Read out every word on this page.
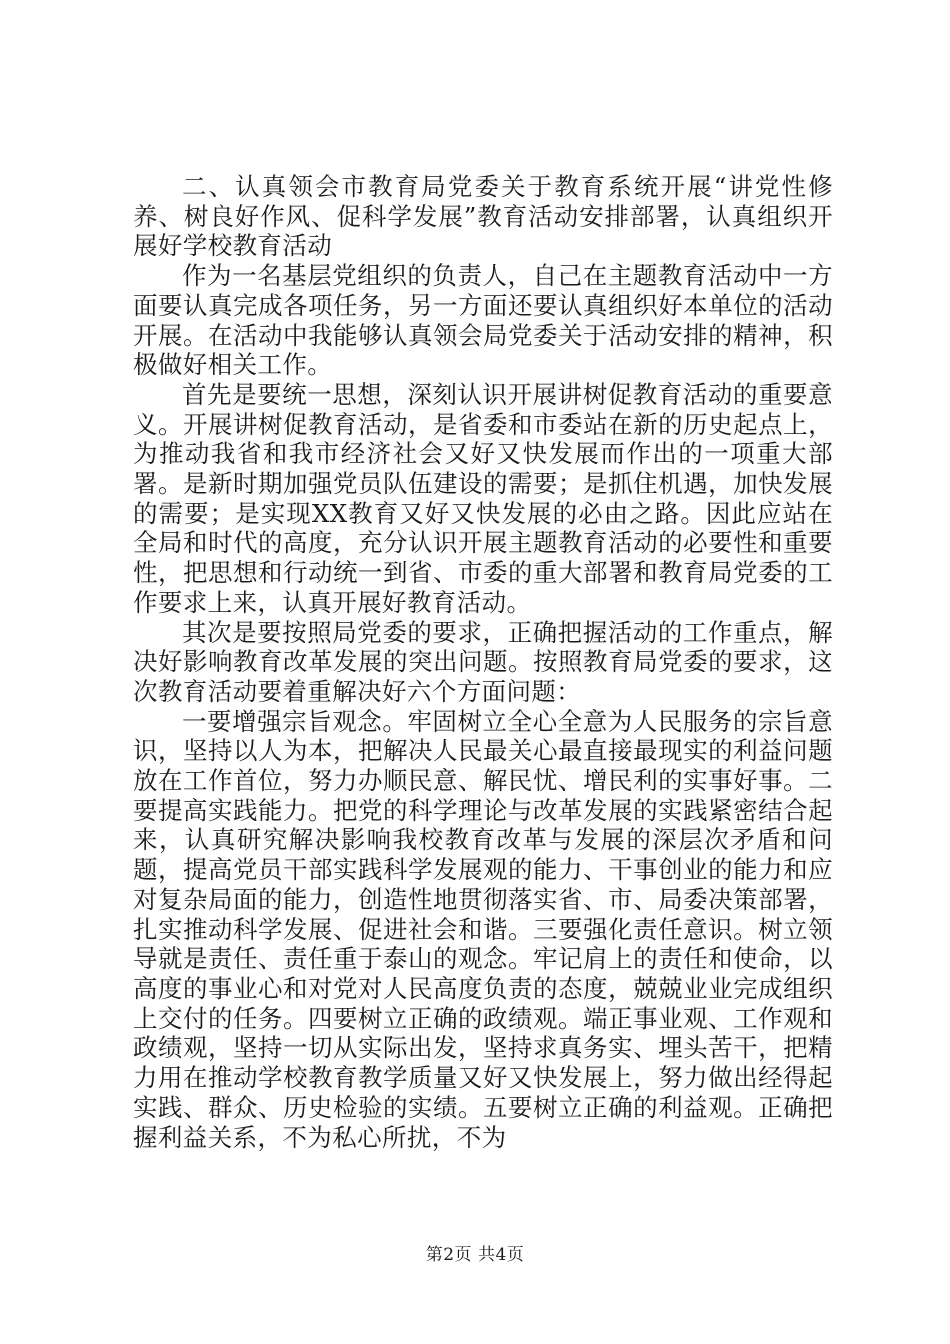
二、认真领会市教育局党委关于教育系统开展“讲党性修养、树良好作风、促科学发展”教育活动安排部署，认真组织开展好学校教育活动

作为一名基层党组织的负责人，自己在主题教育活动中一方面要认真完成各项任务，另一方面还要认真组织好本单位的活动开展。在活动中我能够认真领会局党委关于活动安排的精神，积极做好相关工作。

首先是要统一思想，深刻认识开展讲树促教育活动的重要意义。开展讲树促教育活动，是省委和市委站在新的历史起点上，为推动我省和我市经济社会又好又快发展而作出的一项重大部署。是新时期加强党员队伍建设的需要；是抓住机遇，加快发展的需要；是实现XX教育又好又快发展的必由之路。因此应站在全局和时代的高度，充分认识开展主题教育活动的必要性和重要性，把思想和行动统一到省、市委的重大部署和教育局党委的工作要求上来，认真开展好教育活动。

其次是要按照局党委的要求，正确把握活动的工作重点，解决好影响教育改革发展的突出问题。按照教育局党委的要求，这次教育活动要着重解决好六个方面问题：

一要增强宗旨观念。牢固树立全心全意为人民服务的宗旨意识，坚持以人为本，把解决人民最关心最直接最现实的利益问题放在工作首位，努力办顺民意、解民忧、增民利的实事好事。二要提高实践能力。把党的科学理论与改革发展的实践紧密结合起来，认真研究解决影响我校教育改革与发展的深层次矛盾和问题，提高党员干部实践科学发展观的能力、干事创业的能力和应对复杂局面的能力，创造性地贯彻落实省、市、局委决策部署，扎实推动科学发展、促进社会和谐。三要强化责任意识。树立领导就是责任、责任重于泰山的观念。牢记肩上的责任和使命，以高度的事业心和对党对人民高度负责的态度，兢兢业业完成组织上交付的任务。四要树立正确的政绩观。端正事业观、工作观和政绩观，坚持一切从实际出发，坚持求真务实、埋头苦干，把精力用在推动学校教育教学质量又好又快发展上，努力做出经得起实践、群众、历史检验的实绩。五要树立正确的利益观。正确把握利益关系，不为私心所扰，不为

第2页 共4页
